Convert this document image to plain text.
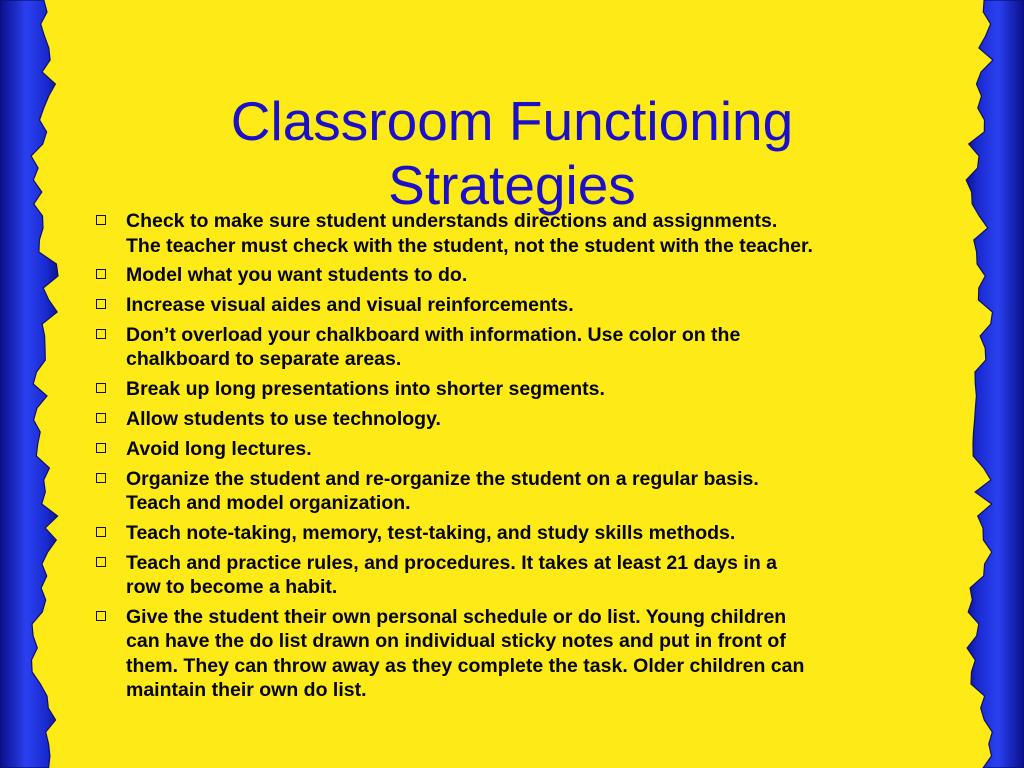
Classroom Functioning
Strategies
Check to make sure student understands directions and assignments.
The teacher must check with the student, not the student with the teacher.
Model what you want students to do.
Increase visual aides and visual reinforcements.
Don’t overload your chalkboard with information. Use color on the
chalkboard to separate areas.
Break up long presentations into shorter segments.
Allow students to use technology.
Avoid long lectures.
Organize the student and re-organize the student on a regular basis.
Teach and model organization.
Teach note-taking, memory, test-taking, and study skills methods.
Teach and practice rules, and procedures. It takes at least 21 days in a
row to become a habit.
Give the student their own personal schedule or do list. Young children
can have the do list drawn on individual sticky notes and put in front of
them. They can throw away as they complete the task. Older children can
maintain their own do list.
